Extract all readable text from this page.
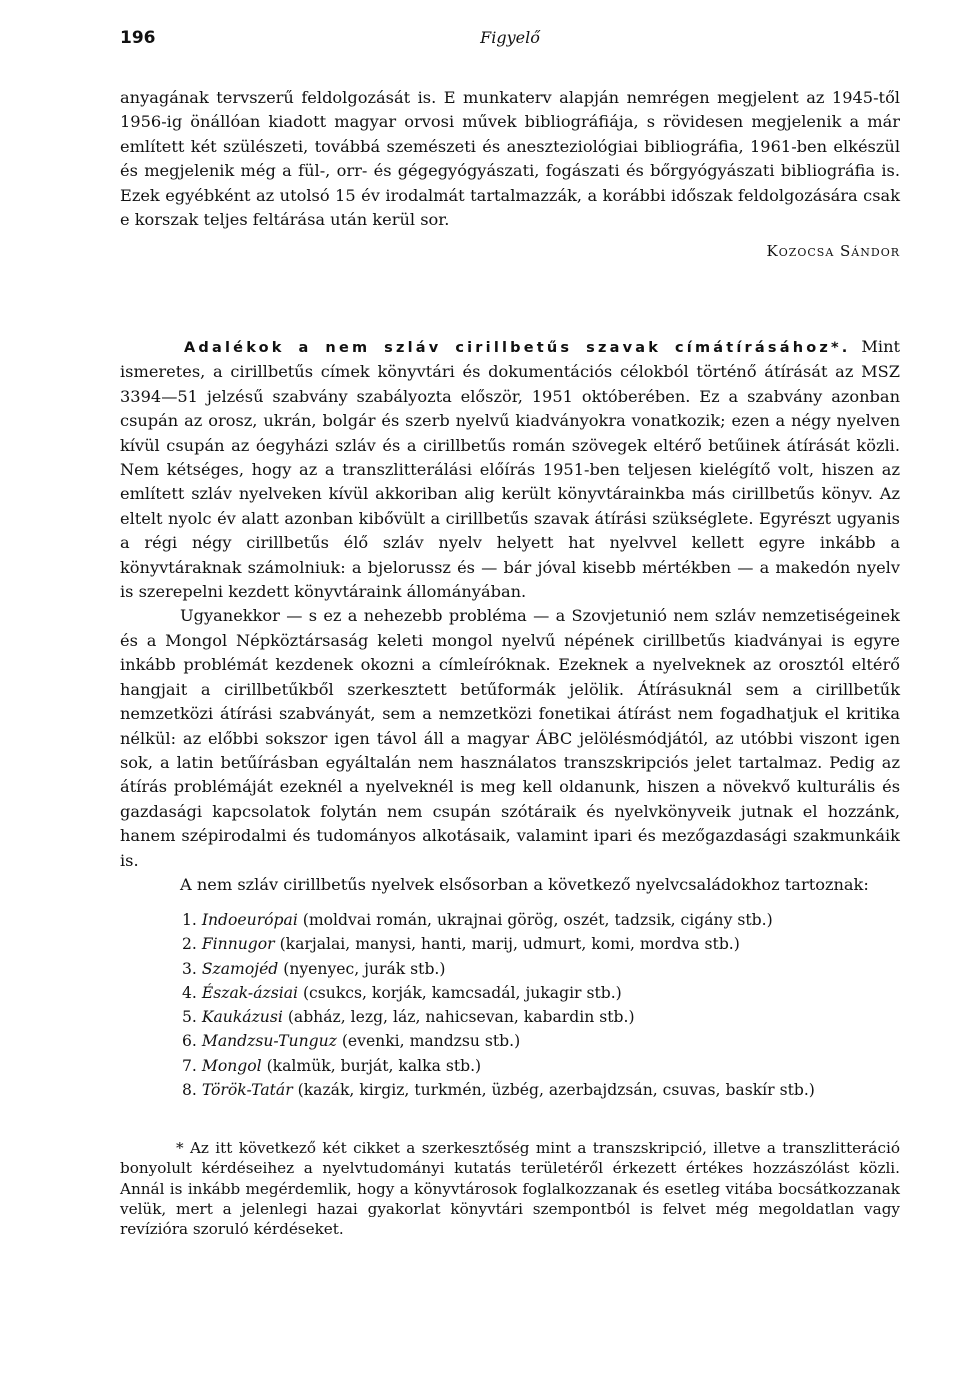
196	Figyelő

anyagának tervszerű feldolgozását is. E munkaterv alapján nemrégen megjelent az 1945-től 1956-ig önállóan kiadott magyar orvosi művek bibliográfiája, s rövidesen megjelenik a már említett két szülészeti, továbbá szemészeti és aneszteziológiai bibliográfia, 1961-ben elkészül és megjelenik még a fül-, orr- és gégegyógyászati, fogászati és bőrgyógyászati bibliográfia is. Ezek egyébként az utolsó 15 év irodalmát tartalmazzák, a korábbi időszak feldolgozására csak e korszak teljes feltárása után kerül sor.

Kozocsa Sándor

Adalékok a nem szláv cirillbetűs szavak címátírásához*. Mint ismeretes, a cirillbetűs címek könyvtári és dokumentációs célokból történő átírását az MSZ 3394—51 jelzésű szabvány szabályozta először, 1951 októberében. Ez a szabvány azonban csupán az orosz, ukrán, bolgár és szerb nyelvű kiadványokra vonatkozik; ezen a négy nyelven kívül csupán az óegyházi szláv és a cirillbetűs román szövegek eltérő betűinek átírását közli. Nem kétséges, hogy az a transzlitterálási előírás 1951-ben teljesen kielégítő volt, hiszen az említett szláv nyelveken kívül akkoriban alig került könyvtárainkba más cirillbetűs könyv. Az eltelt nyolc év alatt azonban kibővült a cirillbetűs szavak átírási szükséglete. Egyrészt ugyanis a régi négy cirillbetűs élő szláv nyelv helyett hat nyelvvel kellett egyre inkább a könyvtáraknak számolniuk: a bjelorussz és — bár jóval kisebb mértékben — a makedón nyelv is szerepelni kezdett könyvtáraink állományában.

Ugyanekkor — s ez a nehezebb probléma — a Szovjetunió nem szláv nemzetiségeinek és a Mongol Népköztársaság keleti mongol nyelvű népének cirillbetűs kiadványai is egyre inkább problémát kezdenek okozni a címleíróknak. Ezeknek a nyelveknek az orosztól eltérő hangjait a cirillbetűkből szerkesztett betűformák jelölik. Átírásuknál sem a cirillbetűk nemzetközi átírási szabványát, sem a nemzetközi fonetikai átírást nem fogadhatjuk el kritika nélkül: az előbbi sokszor igen távol áll a magyar ÁBC jelölésmódjától, az utóbbi viszont igen sok, a latin betűírásban egyáltalán nem használatos transzskripciós jelet tartalmaz. Pedig az átírás problémáját ezeknél a nyelveknél is meg kell oldanunk, hiszen a növekvő kulturális és gazdasági kapcsolatok folytán nem csupán szótáraik és nyelvkönyveik jutnak el hozzánk, hanem szépirodalmi és tudományos alkotásaik, valamint ipari és mezőgazdasági szakmunkáik is.

A nem szláv cirillbetűs nyelvek elsősorban a következő nyelvcsaládokhoz tartoznak:

1. Indoeurópai (moldvai román, ukrajnai görög, oszét, tadzsik, cigány stb.)
2. Finnugor (karjalai, manysi, hanti, marij, udmurt, komi, mordva stb.)
3. Szamojéd (nyenyec, jurák stb.)
4. Észak-ázsiai (csukcs, korják, kamcsadál, jukagir stb.)
5. Kaukázusi (abház, lezg, láz, nahicsevan, kabardin stb.)
6. Mandzsu-Tunguz (evenki, mandzsu stb.)
7. Mongol (kalmük, burját, kalka stb.)
8. Török-Tatár (kazák, kirgiz, turkmén, üzbég, azerbajdzsán, csuvas, baskír stb.)

* Az itt következő két cikket a szerkesztőség mint a transzskripció, illetve a transzlitteráció bonyolult kérdéseihez a nyelvtudományi kutatás területéről érkezett értékes hozzászólást közli. Annál is inkább megérdemlik, hogy a könyvtárosok foglalkozzanak és esetleg vitába bocsátkozzanak velük, mert a jelenlegi hazai gyakorlat könyvtári szempontból is felvet még megoldatlan vagy revízióra szoruló kérdéseket.
